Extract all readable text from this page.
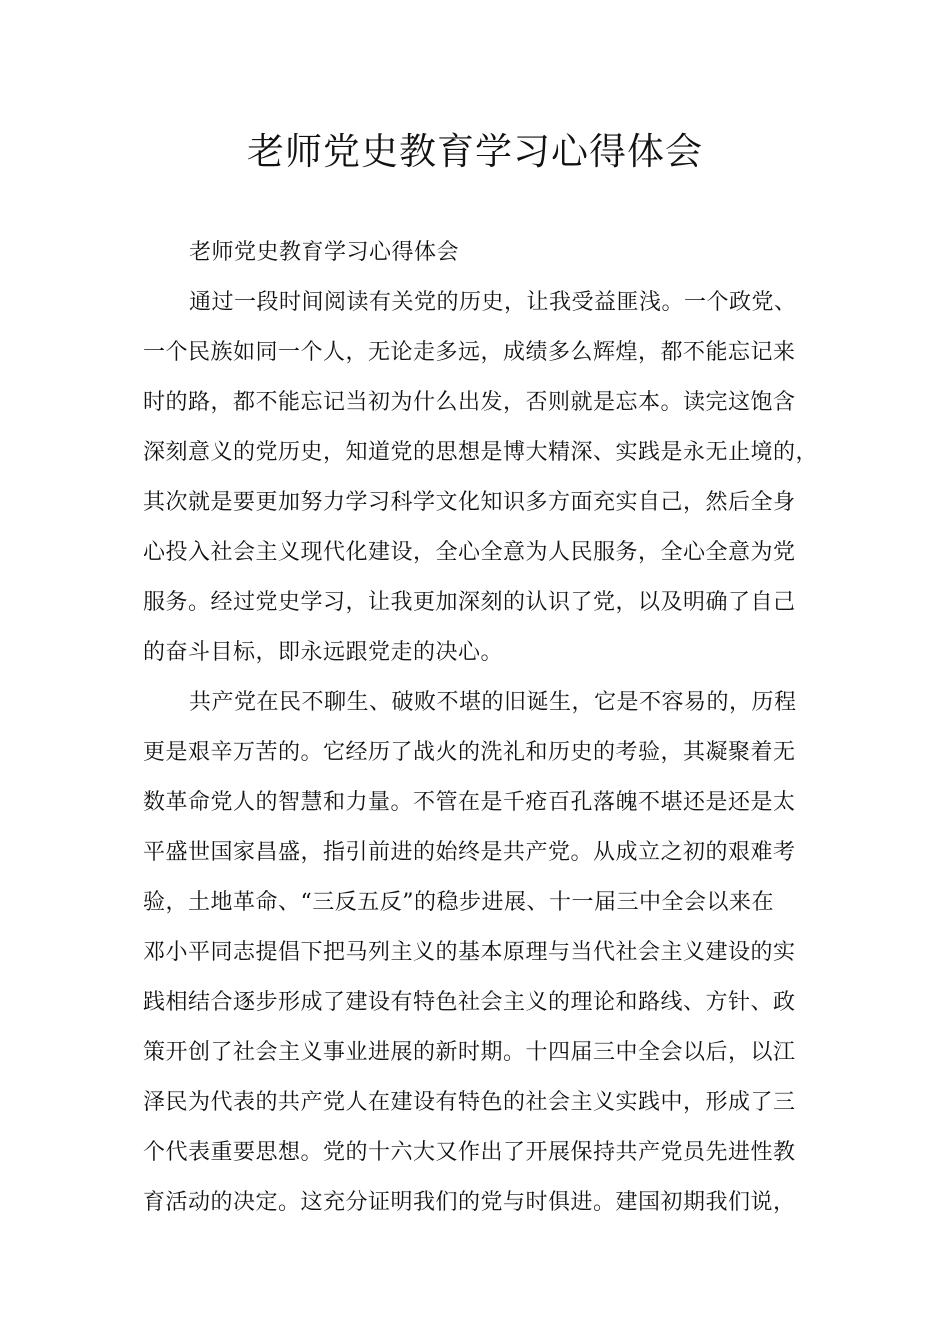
老师党史教育学习心得体会

老师党史教育学习心得体会

通过一段时间阅读有关党的历史，让我受益匪浅。一个政党、
一个民族如同一个人，无论走多远，成绩多么辉煌，都不能忘记来
时的路，都不能忘记当初为什么出发，否则就是忘本。读完这饱含
深刻意义的党历史，知道党的思想是博大精深、实践是永无止境的，
其次就是要更加努力学习科学文化知识多方面充实自己，然后全身
心投入社会主义现代化建设，全心全意为人民服务，全心全意为党
服务。经过党史学习，让我更加深刻的认识了党，以及明确了自己
的奋斗目标，即永远跟党走的决心。

共产党在民不聊生、破败不堪的旧诞生，它是不容易的，历程
更是艰辛万苦的。它经历了战火的洗礼和历史的考验，其凝聚着无
数革命党人的智慧和力量。不管在是千疮百孔落魄不堪还是还是太
平盛世国家昌盛，指引前进的始终是共产党。从成立之初的艰难考
验，土地革命、“三反五反”的稳步进展、十一届三中全会以来在
邓小平同志提倡下把马列主义的基本原理与当代社会主义建设的实
践相结合逐步形成了建设有特色社会主义的理论和路线、方针、政
策开创了社会主义事业进展的新时期。十四届三中全会以后，以江
泽民为代表的共产党人在建设有特色的社会主义实践中，形成了三
个代表重要思想。党的十六大又作出了开展保持共产党员先进性教
育活动的决定。这充分证明我们的党与时俱进。建国初期我们说，
